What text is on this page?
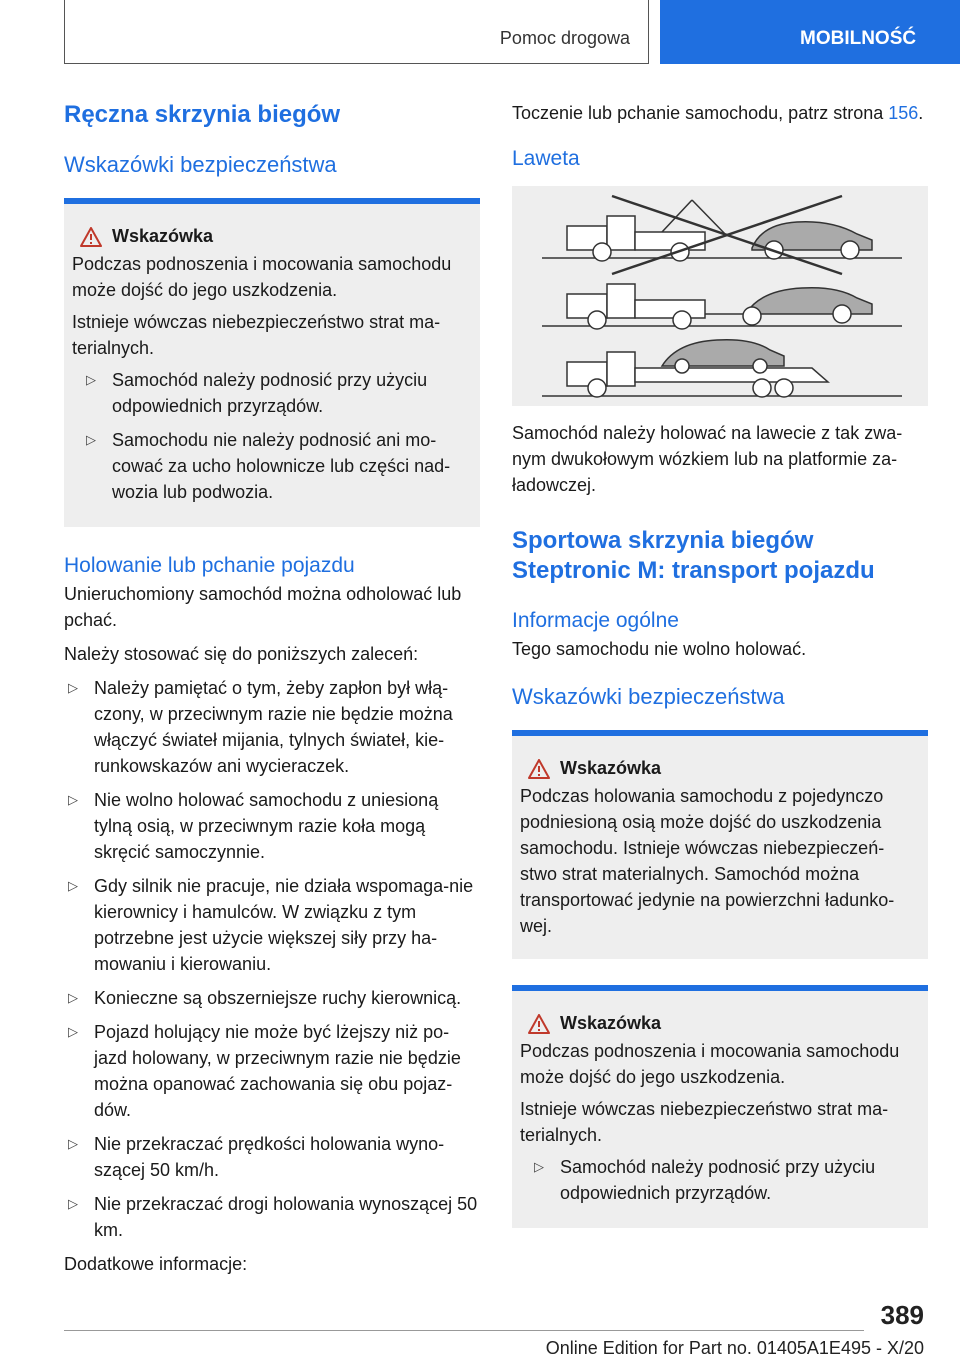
Pomoc drogowa	MOBILNOŚĆ
Ręczna skrzynia biegów
Wskazówki bezpieczeństwa
Wskazówka

Podczas podnoszenia i mocowania samochodu może dojść do jego uszkodzenia.

Istnieje wówczas niebezpieczeństwo strat ma-terialnych.

▷ Samochód należy podnosić przy użyciu odpowiednich przyrządów.
▷ Samochodu nie należy podnosić ani mo-cować za ucho holownicze lub części nad-wozia lub podwozia.
Holowanie lub pchanie pojazdu

Unieruchomiony samochód można odholować lub pchać.

Należy stosować się do poniższych zaleceń:

▷ Należy pamiętać o tym, żeby zapłon był włą-czony, w przeciwnym razie nie będzie można włączyć świateł mijania, tylnych świateł, kie-runkowskazów ani wycieraczek.
▷ Nie wolno holować samochodu z uniesioną tylną osią, w przeciwnym razie koła mogą skręcić samoczynnie.
▷ Gdy silnik nie pracuje, nie działa wspomaga-nie kierownicy i hamulców. W związku z tym potrzebne jest użycie większej siły przy ha-mowaniu i kierowaniu.
▷ Konieczne są obszerniejsze ruchy kierownicą.
▷ Pojazd holujący nie może być lżejszy niż po-jazd holowany, w przeciwnym razie nie będzie można opanować zachowania się obu pojaz-dów.
▷ Nie przekraczać prędkości holowania wyno-szącej 50 km/h.
▷ Nie przekraczać drogi holowania wynoszącej 50 km.

Dodatkowe informacje:

Toczenie lub pchanie samochodu, patrz strona 156.

Laweta

Samochód należy holować na lawecie z tak zwa-nym dwukołowym wózkiem lub na platformie za-ładowczej.

Sportowa skrzynia biegów Steptronic M: transport pojazdu
Informacje ogólne

Tego samochodu nie wolno holować.

Wskazówki bezpieczeństwa
Wskazówka

Podczas holowania samochodu z pojedynczo podniesioną osią może dojść do uszkodzenia samochodu. Istnieje wówczas niebezpieczeń-stwo strat materialnych. Samochód można transportować jedynie na powierzchni ładunko-wej.

Wskazówka

Podczas podnoszenia i mocowania samochodu może dojść do jego uszkodzenia.

Istnieje wówczas niebezpieczeństwo strat ma-terialnych.

▷ Samochód należy podnosić przy użyciu odpowiednich przyrządów.
389
Online Edition for Part no. 01405A1E495 - X/20
